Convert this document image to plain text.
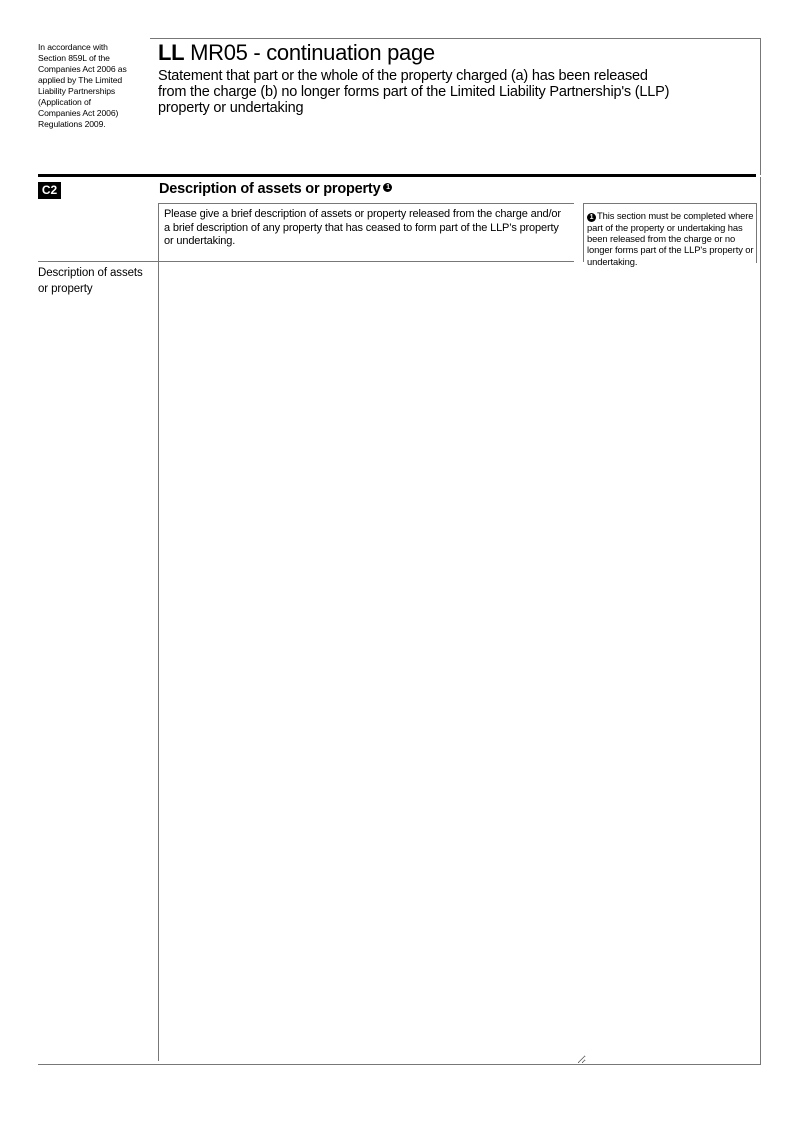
In accordance with
Section 859L of the
Companies Act 2006 as
applied by The Limited
Liability Partnerships
(Application of
Companies Act 2006)
Regulations 2009.
LL MR05 - continuation page
Statement that part or the whole of the property charged (a) has been released
from the charge (b) no longer forms part of the Limited Liability Partnership's (LLP)
property or undertaking
C2	Description of assets or property 1
Please give a brief description of assets or property released from the charge and/or a brief description of any property that has ceased to form part of the LLP’s property or undertaking.
Description of assets or property
1 This section must be completed where part of the property or undertaking has been released from the charge or no longer forms part of the LLP's property or undertaking.
